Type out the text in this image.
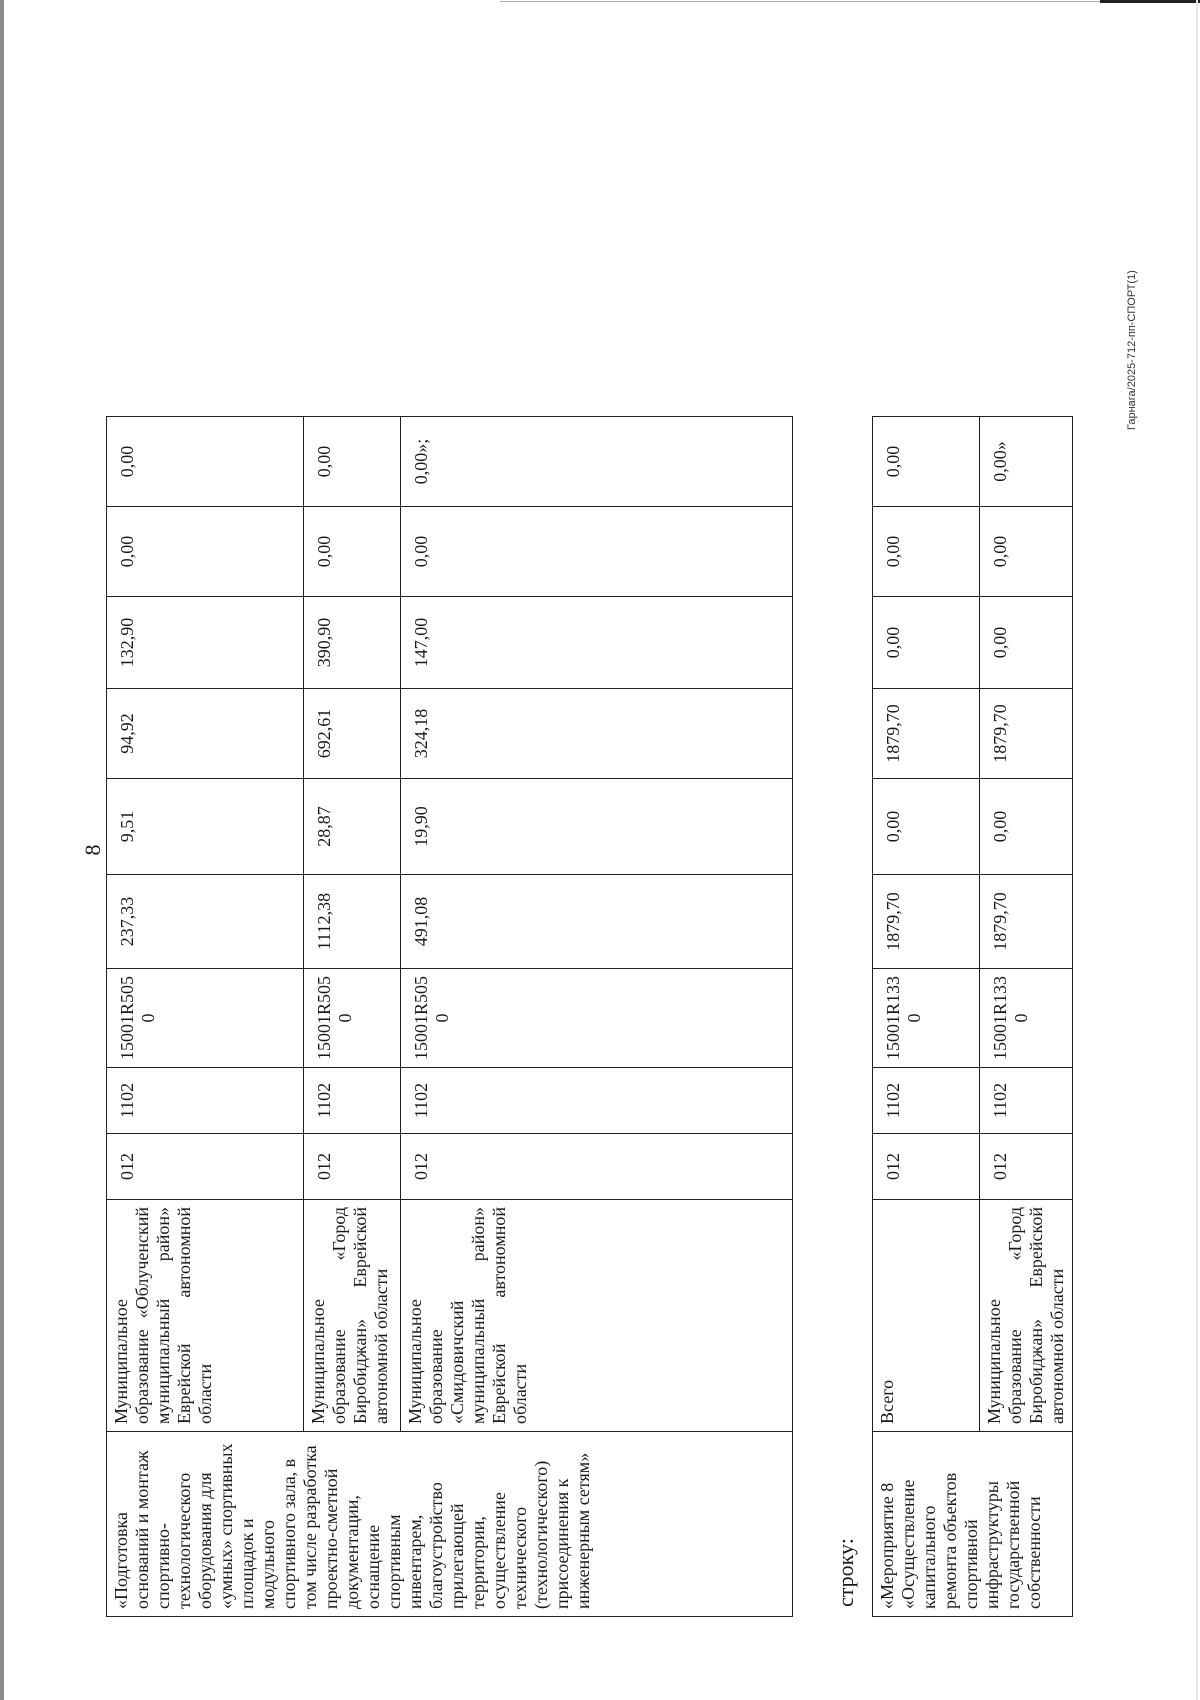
8
«Подготовка оснований и монтаж спортивно-технологического оборудования для «умных» спортивных площадок и модульного спортивного зала, в том числе разработка проектно-сметной документации, оснащение спортивным инвентарем, благоустройство прилегающей территории, осуществление технического (технологического) присоединения к инженерным сетям»	Муниципальное образование «Облученский муниципальный район» Еврейской автономной области	012	1102	15001R505 0	237,33	9,51	94,92	132,90	0,00	0,00
	Муниципальное образование «Город Биробиджан» Еврейской автономной области	012	1102	15001R505 0	1112,38	28,87	692,61	390,90	0,00	0,00
	Муниципальное образование «Смидовичский муниципальный район» Еврейской автономной области	012	1102	15001R505 0	491,08	19,90	324,18	147,00	0,00	0,00»;
строку: «Мероприятие 8 «Осуществление капитального ремонта объектов спортивной инфраструктуры государственной собственности	Всего	012	1102	15001R133 0	1879,70	0,00	1879,70	0,00	0,00	0,00
	Муниципальное образование «Город Биробиджан» Еврейской автономной области	012	1102	15001R133 0	1879,70	0,00	1879,70	0,00	0,00	0,00»
Гарнага/2025-712-пп-СПОРТ(1)
